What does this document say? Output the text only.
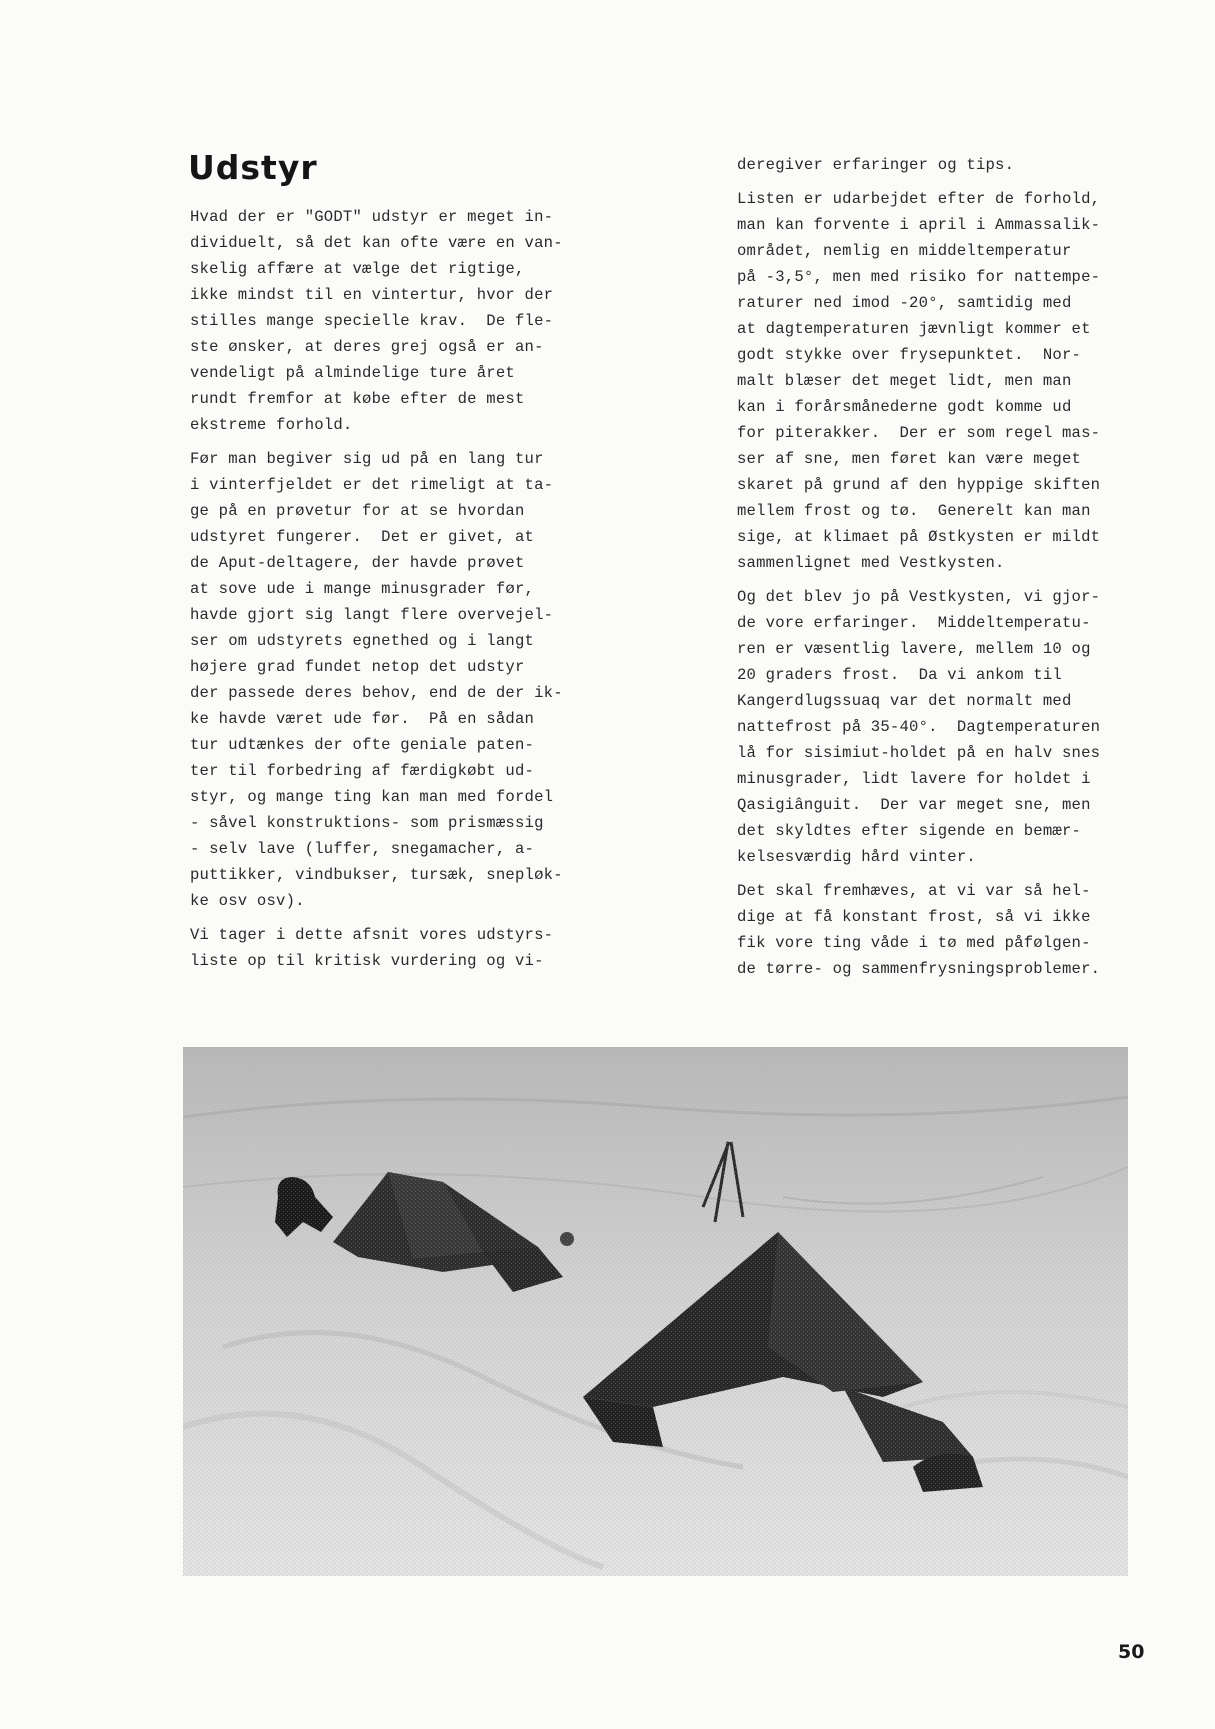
Udstyr

Hvad der er "GODT" udstyr er meget in-
dividuelt, så det kan ofte være en van-
skelig affære at vælge det rigtige,
ikke mindst til en vintertur, hvor der
stilles mange specielle krav.  De fle-
ste ønsker, at deres grej også er an-
vendeligt på almindelige ture året
rundt fremfor at købe efter de mest
ekstreme forhold.

Før man begiver sig ud på en lang tur
i vinterfjeldet er det rimeligt at ta-
ge på en prøvetur for at se hvordan
udstyret fungerer.  Det er givet, at
de Aput-deltagere, der havde prøvet
at sove ude i mange minusgrader før,
havde gjort sig langt flere overvejel-
ser om udstyrets egnethed og i langt
højere grad fundet netop det udstyr
der passede deres behov, end de der ik-
ke havde været ude før.  På en sådan
tur udtænkes der ofte geniale paten-
ter til forbedring af færdigkøbt ud-
styr, og mange ting kan man med fordel
- såvel konstruktions- som prismæssig
- selv lave (luffer, snegamacher, a-
puttikker, vindbukser, tursæk, snepløk-
ke osv osv).

Vi tager i dette afsnit vores udstyrs-
liste op til kritisk vurdering og vi-

deregiver erfaringer og tips.

Listen er udarbejdet efter de forhold,
man kan forvente i april i Ammassalik-
området, nemlig en middeltemperatur
på -3,5°, men med risiko for nattempe-
raturer ned imod -20°, samtidig med
at dagtemperaturen jævnligt kommer et
godt stykke over frysepunktet.  Nor-
malt blæser det meget lidt, men man
kan i forårsmånederne godt komme ud
for piterakker.  Der er som regel mas-
ser af sne, men føret kan være meget
skaret på grund af den hyppige skiften
mellem frost og tø.  Generelt kan man
sige, at klimaet på Østkysten er mildt
sammenlignet med Vestkysten.

Og det blev jo på Vestkysten, vi gjor-
de vore erfaringer.  Middeltemperatu-
ren er væsentlig lavere, mellem 10 og
20 graders frost.  Da vi ankom til
Kangerdlugssuaq var det normalt med
nattefrost på 35-40°.  Dagtemperaturen
lå for sisimiut-holdet på en halv snes
minusgrader, lidt lavere for holdet i
Qasigiânguit.  Der var meget sne, men
det skyldtes efter sigende en bemær-
kelsesværdig hård vinter.

Det skal fremhæves, at vi var så hel-
dige at få konstant frost, så vi ikke
fik vore ting våde i tø med påfølgen-
de tørre- og sammenfrysningsproblemer.

50
